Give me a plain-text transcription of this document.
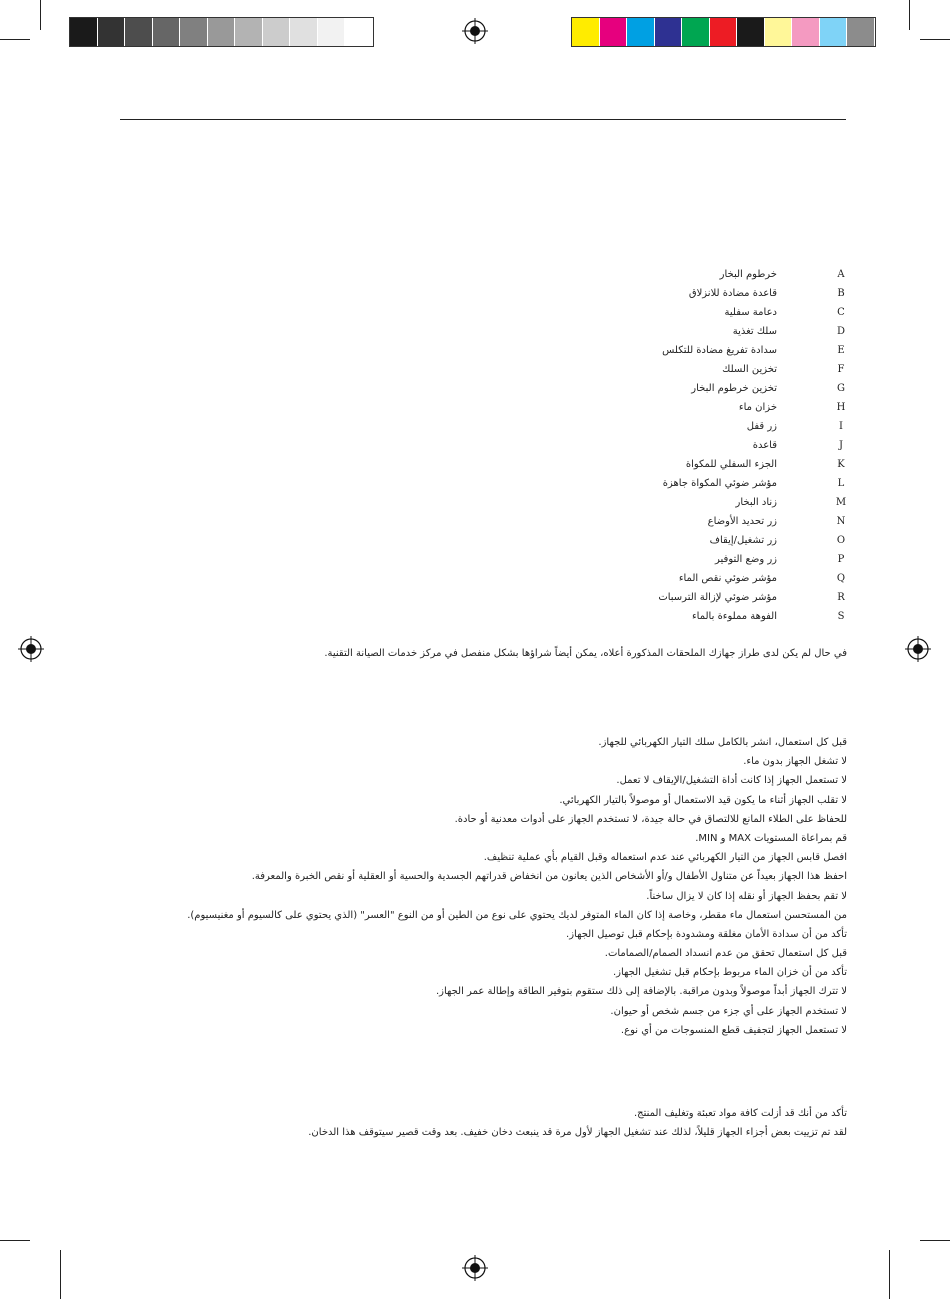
A
خرطوم البخار
B
قاعدة مضادة للانزلاق
C
دعامة سفلية
D
سلك تغذية
E
سدادة تفريغ مضادة للتكلس
F
تخزين السلك
G
تخزين خرطوم البخار
H
خزان ماء
I
زر قفل
J
قاعدة
K
الجزء السفلي للمكواة
L
مؤشر ضوئي المكواة جاهزة
M
زناد البخار
N
زر تحديد الأوضاع
O
زر تشغيل/إيقاف
P
زر وضع التوفير
Q
مؤشر ضوئي نقص الماء
R
مؤشر ضوئي لإزالة الترسبات
S
الفوهة مملوءة بالماء
في حال لم يكن لدى طراز جهازك الملحقات المذكورة أعلاه، يمكن أيضاً شراؤها بشكل منفصل في مركز خدمات الصيانة التقنية.
قبل كل استعمال، انشر بالكامل سلك التيار الكهربائي للجهاز.
لا تشغل الجهاز بدون ماء.
لا تستعمل الجهاز إذا كانت أداة التشغيل/الإيقاف لا تعمل.
لا تقلب الجهاز أثناء ما يكون قيد الاستعمال أو موصولاً بالتيار الكهربائي.
للحفاظ على الطلاء المانع للالتصاق في حالة جيدة، لا تستخدم الجهاز على أدوات معدنية أو حادة.
قم بمراعاة المستويات MAX و MIN.
افصل قابس الجهاز من التيار الكهربائي عند عدم استعماله وقبل القيام بأي عملية تنظيف.
احفظ هذا الجهاز بعيداً عن متناول الأطفال و/أو الأشخاص الذين يعانون من انخفاض قدراتهم الجسدية والحسية أو العقلية أو نقص الخبرة والمعرفة.
لا تقم بحفظ الجهاز أو نقله إذا كان لا يزال ساخناً.
من المستحسن استعمال ماء مقطر، وخاصة إذا كان الماء المتوفر لديك يحتوي على نوع من الطين أو من النوع "العسر" (الذي يحتوي على كالسيوم أو مغنيسيوم).
تأكد من أن سدادة الأمان مغلقة ومشدودة بإحكام قبل توصيل الجهاز.
قبل كل استعمال تحقق من عدم انسداد الصمام/الصمامات.
تأكد من أن خزان الماء مربوط بإحكام قبل تشغيل الجهاز.
لا تترك الجهاز أبداً موصولاً وبدون مراقبة. بالإضافة إلى ذلك ستقوم بتوفير الطاقة وإطالة عمر الجهاز.
لا تستخدم الجهاز على أي جزء من جسم شخص أو حيوان.
لا تستعمل الجهاز لتجفيف قطع المنسوجات من أي نوع.
تأكد من أنك قد أزلت كافة مواد تعبئة وتغليف المنتج.
لقد تم تزييت بعض أجزاء الجهاز قليلاً، لذلك عند تشغيل الجهاز لأول مرة قد ينبعث دخان خفيف. بعد وقت قصير سيتوقف هذا الدخان.
